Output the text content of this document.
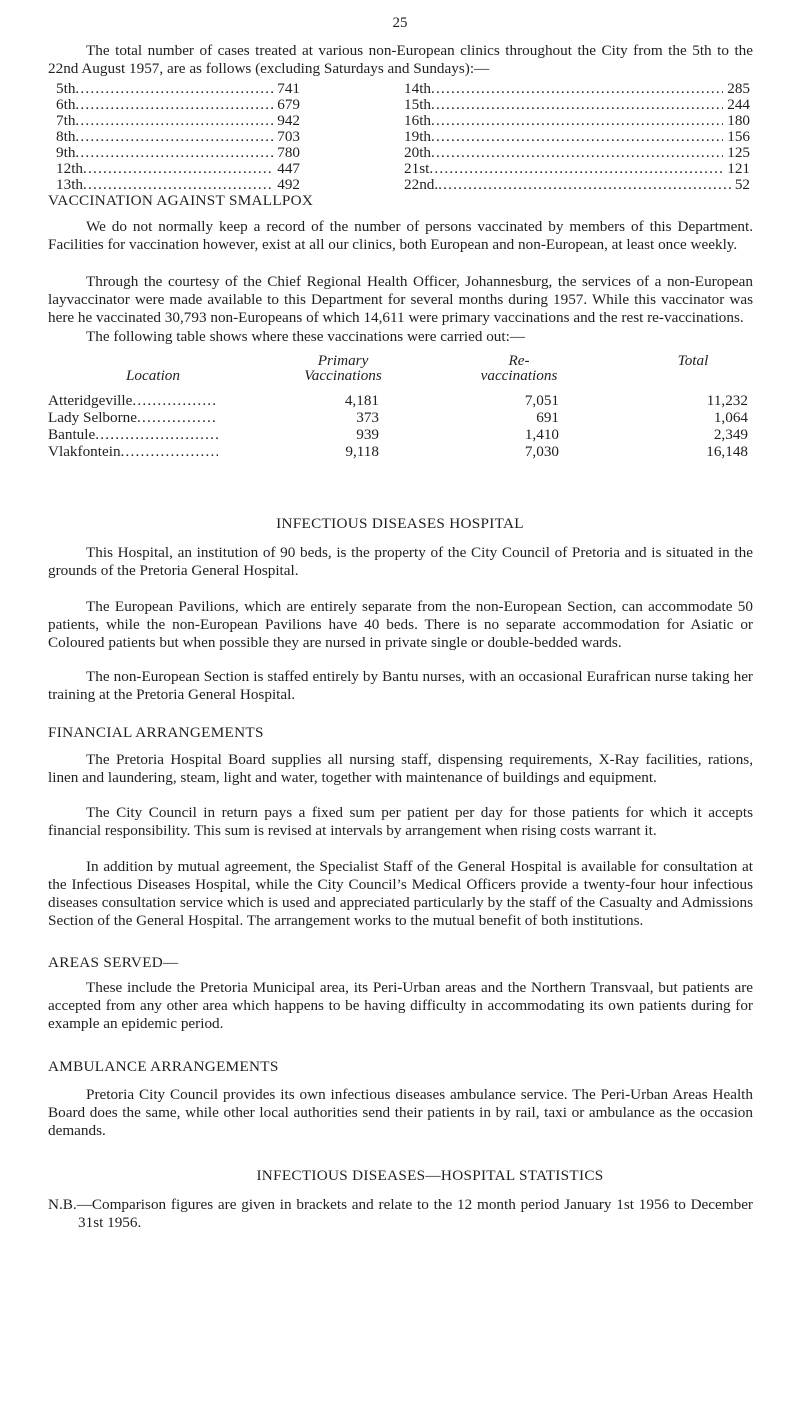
25
The total number of cases treated at various non-European clinics throughout the City from the 5th to the 22nd August 1957, are as follows (excluding Saturdays and Sundays):—
5th .....	741
6th .....	679
7th .....	942
8th .....	703
9th .....	780
12th .....	447
13th .....	492
14th .....	285
15th .....	244
16th .....	180
19th .....	156
20th .....	125
21st .....	121
22nd. .....	52
VACCINATION AGAINST SMALLPOX
We do not normally keep a record of the number of persons vaccinated by members of this Department. Facilities for vaccination however, exist at all our clinics, both European and non-European, at least once weekly.
Through the courtesy of the Chief Regional Health Officer, Johannesburg, the services of a non-European layvaccinator were made available to this Department for several months during 1957. While this vaccinator was here he vaccinated 30,793 non-Europeans of which 14,611 were primary vaccinations and the rest re-vaccinations.
The following table shows where these vaccinations were carried out:—
Location
Primary
Vaccinations
Re-
vaccinations
Total
Atteridgeville .....	4,181	7,051	11,232
Lady Selborne .....	373	691	1,064
Bantule .....	939	1,410	2,349
Vlakfontein .....	9,118	7,030	16,148
INFECTIOUS DISEASES HOSPITAL
This Hospital, an institution of 90 beds, is the property of the City Council of Pretoria and is situated in the grounds of the Pretoria General Hospital.
The European Pavilions, which are entirely separate from the non-European Section, can accommodate 50 patients, while the non-European Pavilions have 40 beds. There is no separate accommodation for Asiatic or Coloured patients but when possible they are nursed in private single or double-bedded wards.
The non-European Section is staffed entirely by Bantu nurses, with an occasional Eurafrican nurse taking her training at the Pretoria General Hospital.
FINANCIAL ARRANGEMENTS
The Pretoria Hospital Board supplies all nursing staff, dispensing requirements, X-Ray facilities, rations, linen and laundering, steam, light and water, together with maintenance of buildings and equipment.
The City Council in return pays a fixed sum per patient per day for those patients for which it accepts financial responsibility. This sum is revised at intervals by arrangement when rising costs warrant it.
In addition by mutual agreement, the Specialist Staff of the General Hospital is available for consultation at the Infectious Diseases Hospital, while the City Council’s Medical Officers provide a twenty-four hour infectious diseases consultation service which is used and appreciated particularly by the staff of the Casualty and Admissions Section of the General Hospital. The arrangement works to the mutual benefit of both institutions.
AREAS SERVED—
These include the Pretoria Municipal area, its Peri-Urban areas and the Northern Transvaal, but patients are accepted from any other area which happens to be having difficulty in accommodating its own patients during for example an epidemic period.
AMBULANCE ARRANGEMENTS
Pretoria City Council provides its own infectious diseases ambulance service. The Peri-Urban Areas Health Board does the same, while other local authorities send their patients in by rail, taxi or ambulance as the occasion demands.
INFECTIOUS DISEASES—HOSPITAL STATISTICS
N.B.—Comparison figures are given in brackets and relate to the 12 month period January 1st 1956 to December 31st 1956.
